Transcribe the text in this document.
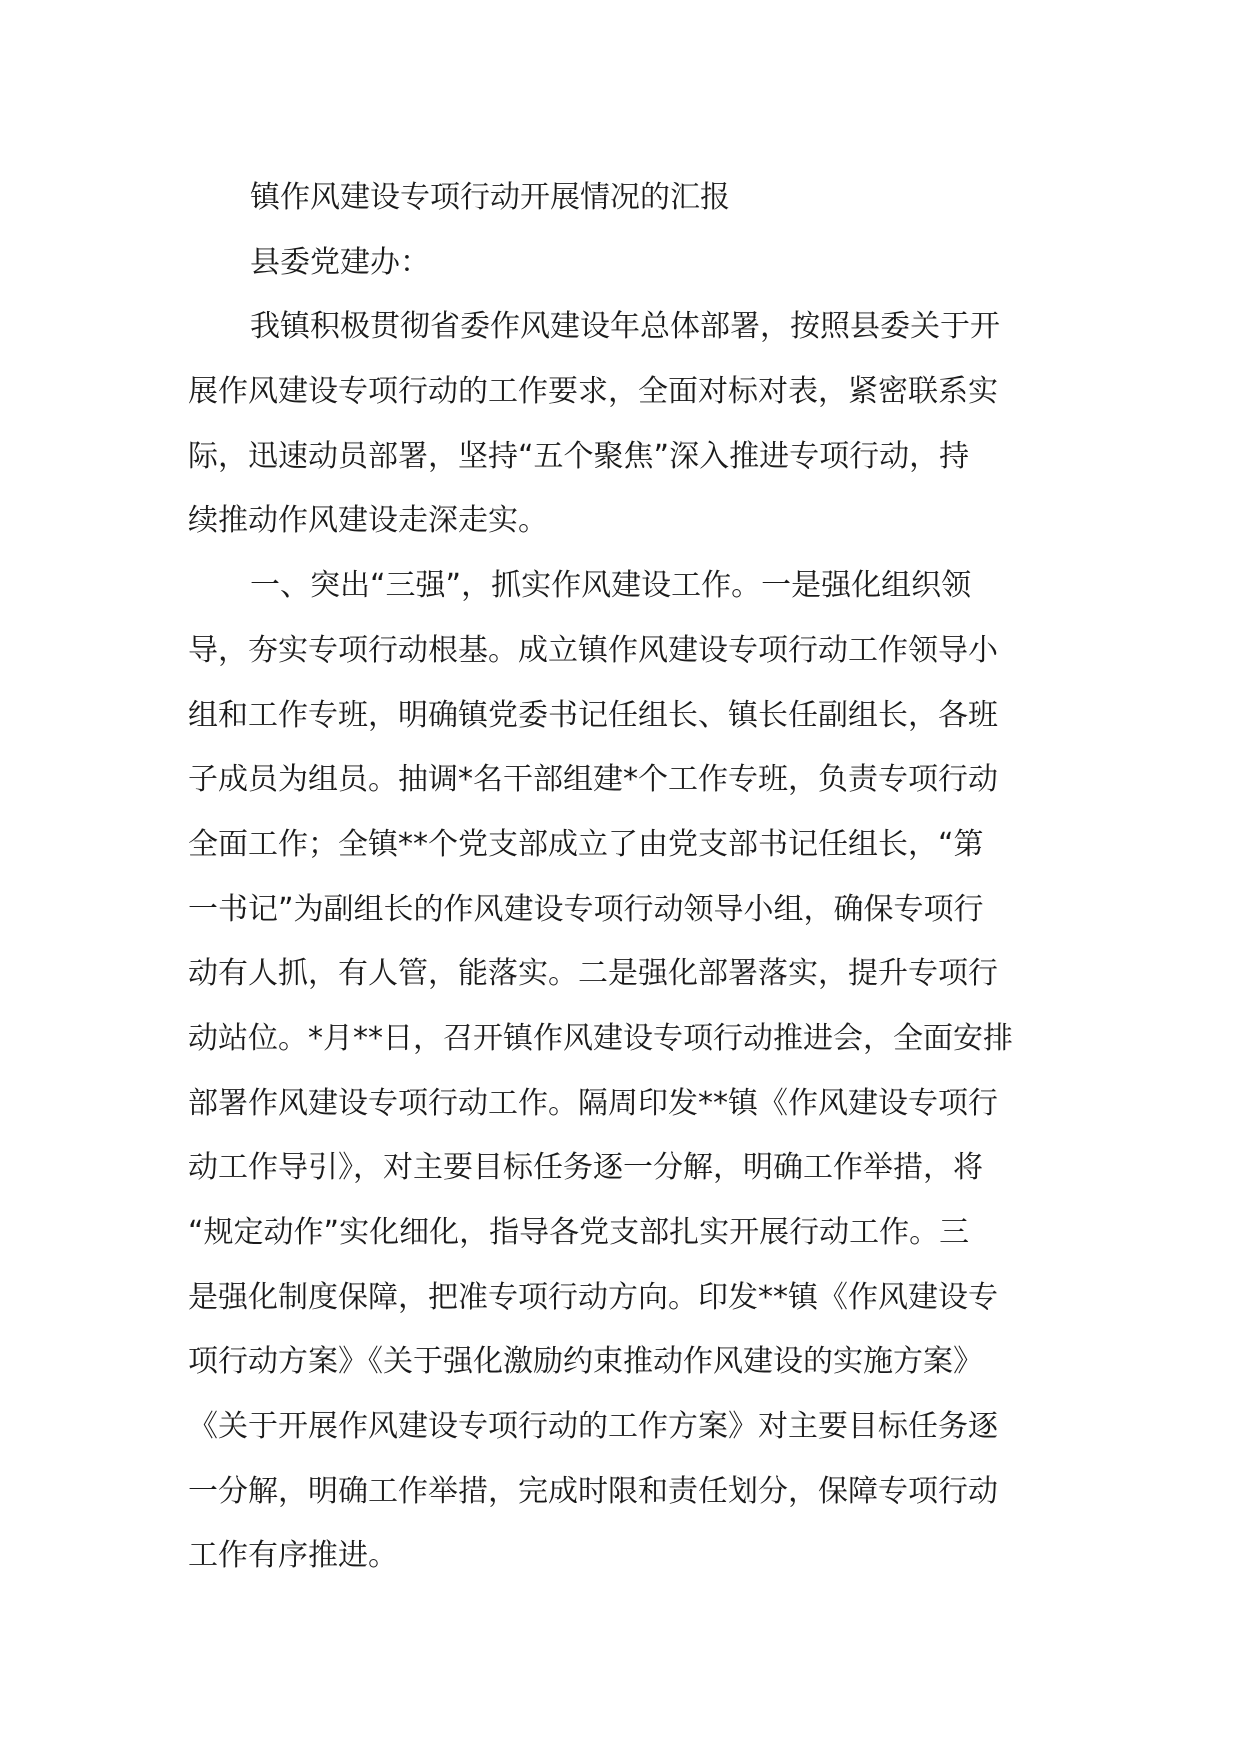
镇作风建设专项行动开展情况的汇报

县委党建办：

我镇积极贯彻省委作风建设年总体部署，按照县委关于开

展作风建设专项行动的工作要求，全面对标对表，紧密联系实

际，迅速动员部署，坚持“五个聚焦”深入推进专项行动，持

续推动作风建设走深走实。

一、突出“三强”，抓实作风建设工作。一是强化组织领

导，夯实专项行动根基。成立镇作风建设专项行动工作领导小

组和工作专班，明确镇党委书记任组长、镇长任副组长，各班

子成员为组员。抽调*名干部组建*个工作专班，负责专项行动

全面工作；全镇**个党支部成立了由党支部书记任组长，“第

一书记”为副组长的作风建设专项行动领导小组，确保专项行

动有人抓，有人管，能落实。二是强化部署落实，提升专项行

动站位。*月**日，召开镇作风建设专项行动推进会，全面安排

部署作风建设专项行动工作。隔周印发**镇《作风建设专项行

动工作导引》，对主要目标任务逐一分解，明确工作举措，将

“规定动作”实化细化，指导各党支部扎实开展行动工作。三

是强化制度保障，把准专项行动方向。印发**镇《作风建设专

项行动方案》《关于强化激励约束推动作风建设的实施方案》

《关于开展作风建设专项行动的工作方案》对主要目标任务逐

一分解，明确工作举措，完成时限和责任划分，保障专项行动

工作有序推进。
